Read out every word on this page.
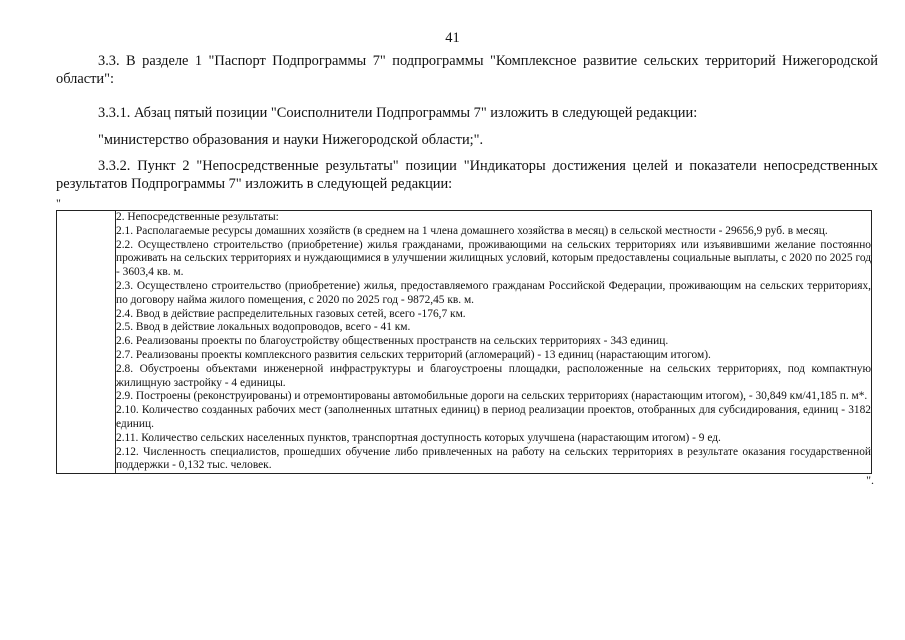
41

3.3. В разделе 1 "Паспорт Подпрограммы 7" подпрограммы "Комплексное развитие сельских территорий Нижегородской области":

3.3.1. Абзац пятый позиции "Соисполнители Подпрограммы 7" изложить в следующей редакции:

"министерство образования и науки Нижегородской области;".

3.3.2. Пункт 2 "Непосредственные результаты" позиции "Индикаторы достижения целей и показатели непосредственных результатов Подпрограммы 7" изложить в следующей редакции:

"

2. Непосредственные результаты:

2.1. Располагаемые ресурсы домашних хозяйств (в среднем на 1 члена домашнего хозяйства в месяц) в сельской местности - 29656,9 руб. в месяц.

2.2. Осуществлено строительство (приобретение) жилья гражданами, проживающими на сельских территориях или изъявившими желание постоянно проживать на сельских территориях и нуждающимися в улучшении жилищных условий, которым предоставлены социальные выплаты, с 2020 по 2025 год - 3603,4 кв. м.

2.3. Осуществлено строительство (приобретение) жилья, предоставляемого гражданам Российской Федерации, проживающим на сельских территориях, по договору найма жилого помещения, с 2020 по 2025 год - 9872,45 кв. м.

2.4. Ввод в действие распределительных газовых сетей, всего -176,7 км.

2.5. Ввод в действие локальных водопроводов, всего - 41 км.

2.6. Реализованы проекты по благоустройству общественных пространств на сельских территориях - 343 единиц.

2.7. Реализованы проекты комплексного развития сельских территорий (агломераций) - 13 единиц (нарастающим итогом).

2.8. Обустроены объектами инженерной инфраструктуры и благоустроены площадки, расположенные на сельских территориях, под компактную жилищную застройку - 4 единицы.

2.9. Построены (реконструированы) и отремонтированы автомобильные дороги на сельских территориях (нарастающим итогом), - 30,849 км/41,185 п. м*.

2.10. Количество созданных рабочих мест (заполненных штатных единиц) в период реализации проектов, отобранных для субсидирования, единиц - 3182 единиц.

2.11. Количество сельских населенных пунктов, транспортная доступность которых улучшена (нарастающим итогом) - 9 ед.

2.12. Численность специалистов, прошедших обучение либо привлеченных на работу на сельских территориях в результате оказания государственной поддержки - 0,132 тыс. человек.

".
